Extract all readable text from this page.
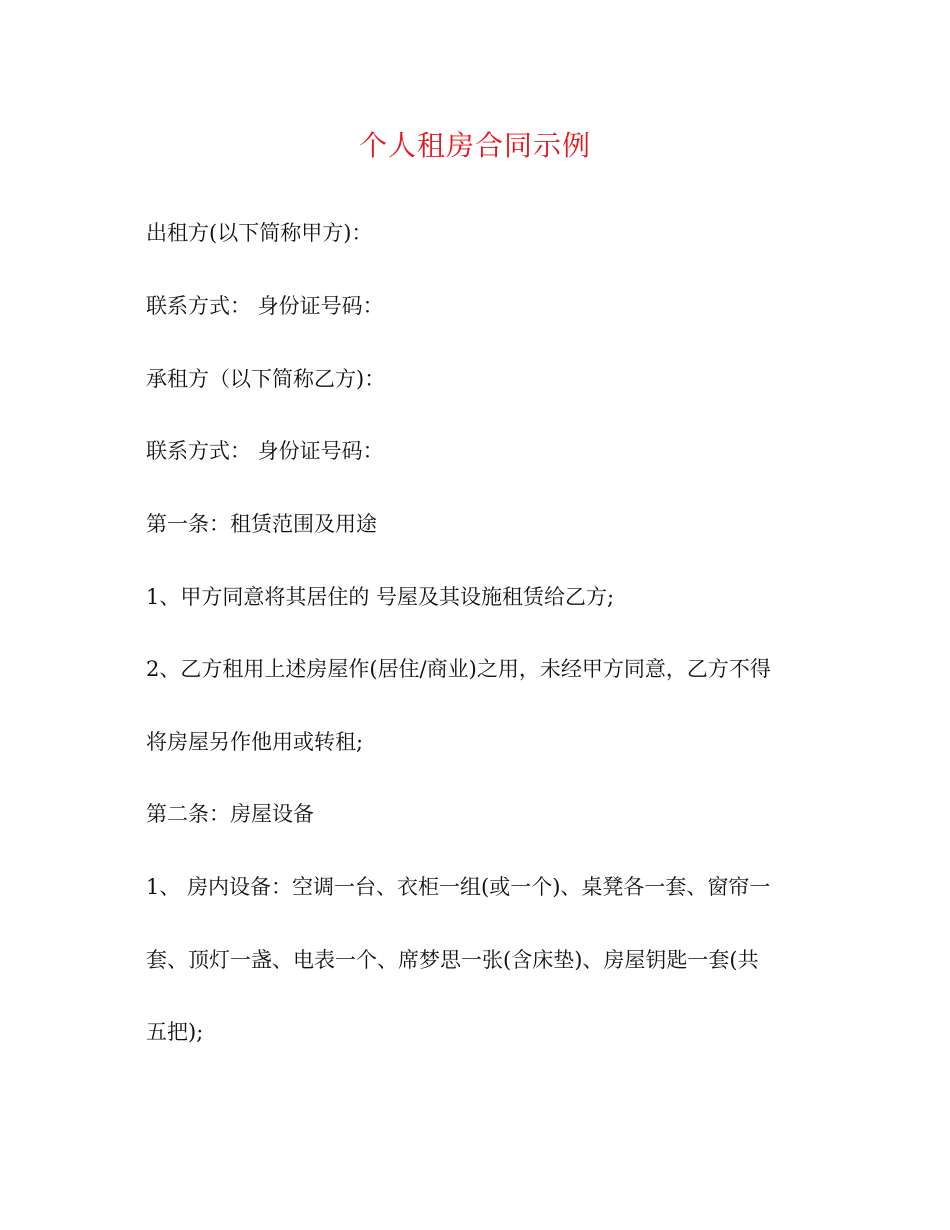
个人租房合同示例
出租方(以下简称甲方)：
联系方式： 身份证号码：
承租方（以下简称乙方)：
联系方式： 身份证号码：
第一条：租赁范围及用途
1、甲方同意将其居住的 号屋及其设施租赁给乙方;
2、乙方租用上述房屋作(居住/商业)之用，未经甲方同意，乙方不得
将房屋另作他用或转租;
第二条：房屋设备
1、 房内设备：空调一台、衣柜一组(或一个)、桌凳各一套、窗帘一
套、顶灯一盏、电表一个、席梦思一张(含床垫)、房屋钥匙一套(共
五把);
